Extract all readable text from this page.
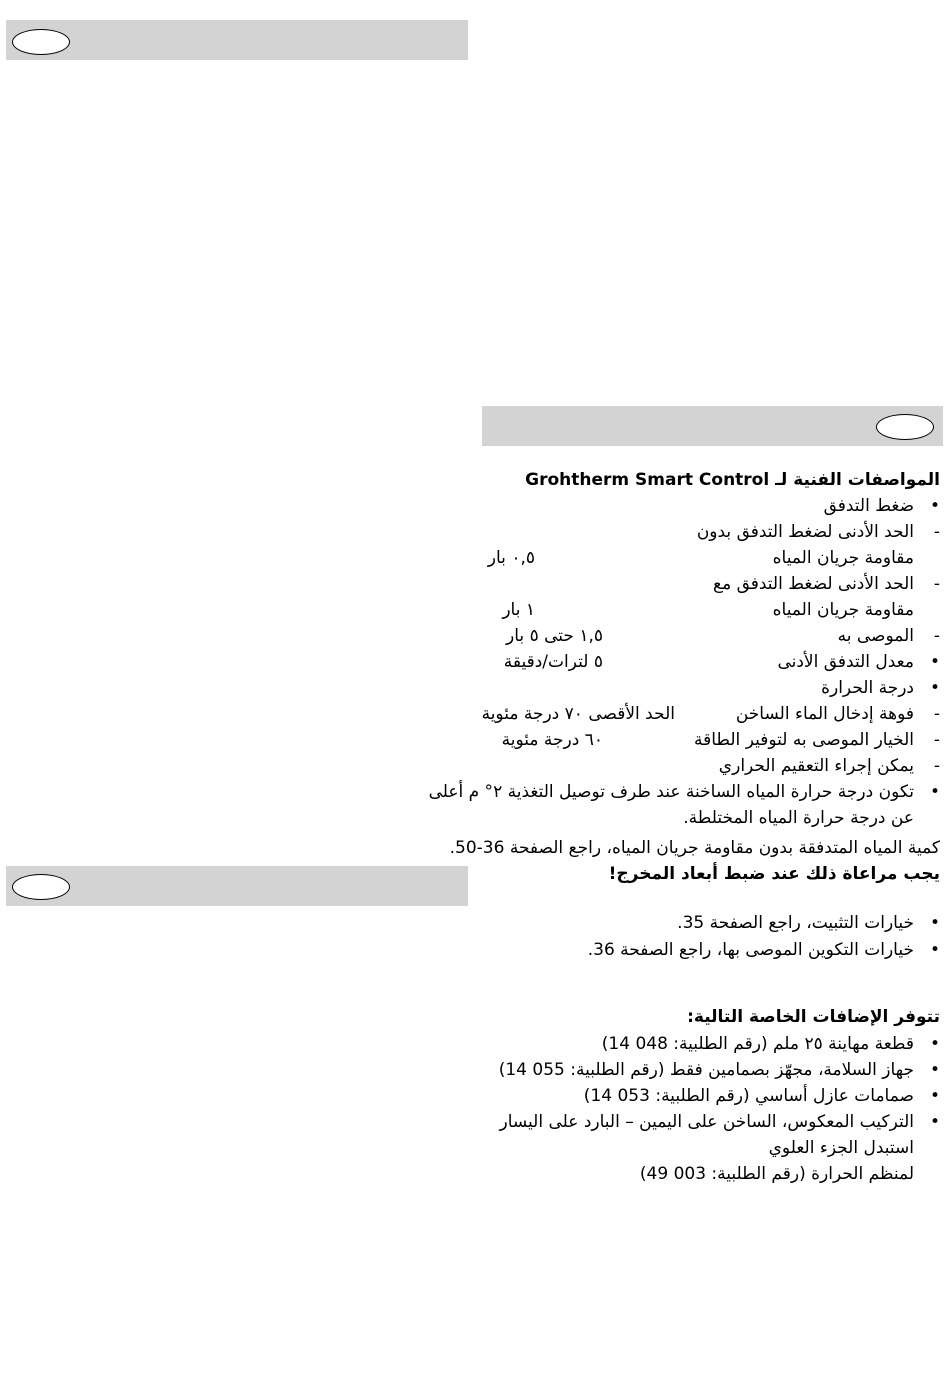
المواصفات الفنية لـ Grohtherm Smart Control
• ضغط التدفق
- الحد الأدنى لضغط التدفق بدون
مقاومة جريان المياه
٠,٥ بار
- الحد الأدنى لضغط التدفق مع
مقاومة جريان المياه
١ بار
- الموصى به
١,٥ حتى ٥ بار
• معدل التدفق الأدنى
٥ لترات/دقيقة
• درجة الحرارة
- فوهة إدخال الماء الساخن
الحد الأقصى ٧٠ درجة مئوية
- الخيار الموصى به لتوفير الطاقة
٦٠ درجة مئوية
- يمكن إجراء التعقيم الحراري
• تكون درجة حرارة المياه الساخنة عند طرف توصيل التغذية ٢° م أعلى
عن درجة حرارة المياه المختلطة.
كمية المياه المتدفقة بدون مقاومة جريان المياه، راجع الصفحة 36-50.
يجب مراعاة ذلك عند ضبط أبعاد المخرج!
• خيارات التثبيت، راجع الصفحة 35.
• خيارات التكوين الموصى بها، راجع الصفحة 36.
تتوفر الإضافات الخاصة التالية:
• قطعة مهاينة ٢٥ ملم (رقم الطلبية: 048 14)
• جهاز السلامة، مجهّز بصمامين فقط (رقم الطلبية: 055 14)
• صمامات عازل أساسي (رقم الطلبية: 053 14)
• التركيب المعكوس، الساخن على اليمين – البارد على اليسار
استبدل الجزء العلوي
لمنظم الحرارة (رقم الطلبية: 003 49)
